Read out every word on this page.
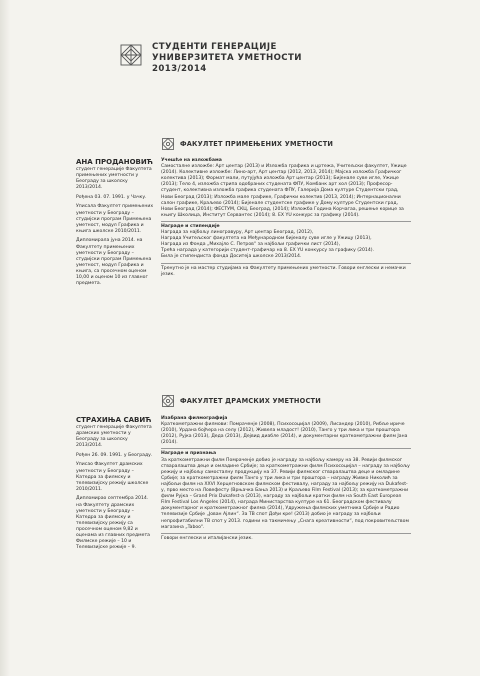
СТУДЕНТИ ГЕНЕРАЦИЈЕ
УНИВЕРЗИТЕТА УМЕТНОСТИ
2013/2014
ФАКУЛТЕТ ПРИМЕЊЕНИХ УМЕТНОСТИ
АНА ПРОДАНОВИЋ

студент генерације Факултета примењених уметности у Београду за школску 2013/2014.

Рођена 03. 07. 1991. у Чачку.

Уписала Факултет примењених уметности у Београду – студијски програм Примењена уметност, модул Графика и књига школске 2010/2011.

Дипломирала јуна 2014. на Факултету примењених уметности у Београду – студијски програм Примењена уметност, модул Графика и књига, са просечном оценом 10,00 и оценом 10 из главног предмета.

Учешће на изложбама

Самосталне изложбе: Арт центар (2013) и Изложба графика и цртежа, Учитељски факултет, Ужице (2014). Колективне изложбе: Лино-арт, Арт центар (2012, 2013, 2014); Мајска изложба Графичког колектива (2013); Формат мали, путујућа изложба Арт центар (2013); Бијенале суве игле, Ужице (2013); Тело 4, изложба стрипа одобраних студената ФПУ, Комбанк арт хол (2013); Професор-студент, колективна изложба графика студената ФПУ, Галерија Дома културе Студентски град, Нови Београд (2013); Изложба мале графике, Графички колектив (2013, 2014); Интернационални салон графике, Краљево (2014); Бијенале студентске графике у Дому културе Студентски град, Нови Београд (2014); ФЕСТУМ, СКЦ, Београд, (2014); Изложба Година Корчагаа, решење корице за књигу Школица, Институт Сервантес (2014); 8. EX YU конкурс за графику (2014).

Награде и стипендије

Награда за најбољу линогравуру, Арт центар Београд, (2012),
Награда Учитељског факултета на Међународном бијеналу суве игле у Ужицу (2013),
Награда из Фонда „Михајло С. Петров“ за најбољи графички лист (2014),
Трећа награда у категорији студент-графичар на 8. EX YU конкурсу за графику (2014).
Била је стипендиста фонда Доситеја школске 2013/2014.

Тренутно је на мастер студијама на Факултету примењених уметности. Говори енглески и немачки језик.

ФАКУЛТЕТ ДРАМСКИХ УМЕТНОСТИ
СТРАХИЊА САВИЋ

студент генерације Факултета драмских уметности у Београду за школску 2013/2014.

Рођен 26. 09. 1991. у Београду.

Уписао Факултет драмских уметности у Београду – Катедра за филмску и телевизијску режију школске 2010/2011.

Дипломирао септембра 2014. на Факултету драмских уметности у Београду – Катедра за филмску и телевизијску режију са просечном оценом 9,82 и оценама из главних предмета Филмске режије – 10 и Телевизијске режије – 9.

Изабрана филмографија

Краткометражни филмови: Помраченје (2008), Психосоцијал (2009), Лисандер (2010), Рибље ириче (2010), Урдана бојћера на селу (2012), Живела младост! (2010), Танго у три лика и три проштора (2012), Рујка (2013), Деда (2013), Дејвид диабле (2014), и документарни краткометражни филм Јана (2014).

Награде и признања

За краткометражни филм Помраченје добио је награду за најбољу камеру на 38. Ревији филмског стваралаштва деце и омладине Србије; за краткометражни филм Психосоцијал – награду за најбољу режију и најбољу самосталну продукцију на 37. Ревији филмског стваралаштва деце и омладине Србије; за краткометражни филм Танго у три лика и три проштора – награду Живко Николић за најбољи филм на XXVI Херцегновском филмском фестивалу, награду за најбољу режију на Dukafest-у, прво место на Ловефесту (Врњачка Бања 2013) и Краљево Film Festival (2013); за краткометражни филм Рујка – Grand Prix Dukafest-а (2013), награду за најбољи кратки филм на South East European Film Festival Los Angeles (2014), награда Министарства културе на 61. Београдском фестивалу документарног и краткометражног филма (2014), Удружења филмских уметника Србије и Радио телевизије Србије „Јован Ајлин“. За ТВ спот Дођи кре! (2013) добио је награду за најбољи непрофитабилни ТВ спот у 2013. години на такмичењу „Снага креативности“, под покровитељством магазина „Taboo“.

Говори енглески и италијански језик.
